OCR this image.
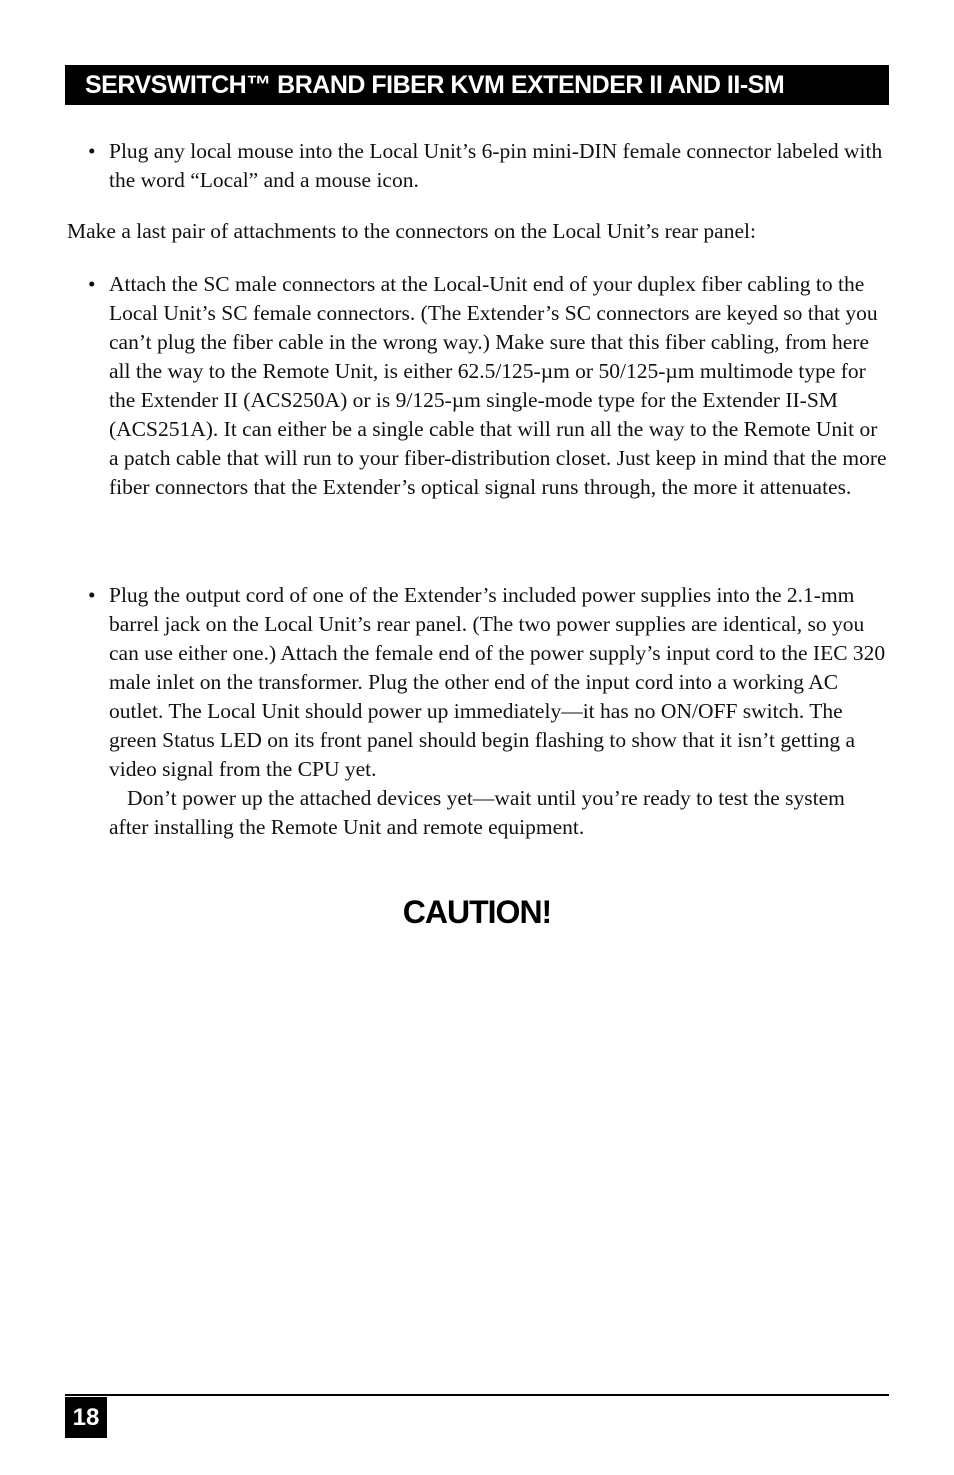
SERVSWITCH™ BRAND FIBER KVM EXTENDER II AND II-SM
• Plug any local mouse into the Local Unit’s 6-pin mini-DIN female connector labeled with the word “Local” and a mouse icon.
Make a last pair of attachments to the connectors on the Local Unit’s rear panel:
• Attach the SC male connectors at the Local-Unit end of your duplex fiber cabling to the Local Unit’s SC female connectors. (The Extender’s SC connectors are keyed so that you can’t plug the fiber cable in the wrong way.) Make sure that this fiber cabling, from here all the way to the Remote Unit, is either 62.5/125-µm or 50/125-µm multimode type for the Extender II (ACS250A) or is 9/125-µm single-mode type for the Extender II-SM (ACS251A). It can either be a single cable that will run all the way to the Remote Unit or a patch cable that will run to your fiber-distribution closet. Just keep in mind that the more fiber connectors that the Extender’s optical signal runs through, the more it attenuates.
• Plug the output cord of one of the Extender’s included power supplies into the 2.1-mm barrel jack on the Local Unit’s rear panel. (The two power supplies are identical, so you can use either one.) Attach the female end of the power supply’s input cord to the IEC 320 male inlet on the transformer. Plug the other end of the input cord into a working AC outlet. The Local Unit should power up immediately—it has no ON/OFF switch. The green Status LED on its front panel should begin flashing to show that it isn’t getting a video signal from the CPU yet.
Don’t power up the attached devices yet—wait until you’re ready to test the system after installing the Remote Unit and remote equipment.
CAUTION!
18
